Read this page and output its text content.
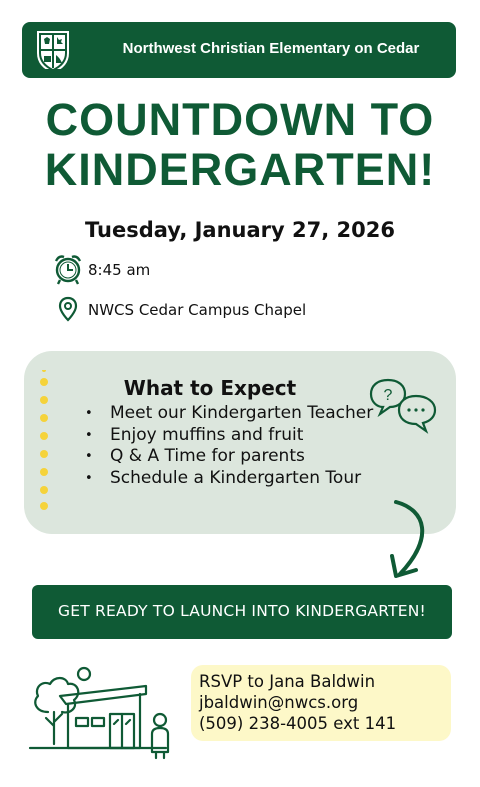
Northwest Christian Elementary on Cedar
COUNTDOWN TO
KINDERGARTEN!
Tuesday, January 27, 2026
8:45 am
NWCS Cedar Campus Chapel
What to Expect
• Meet our Kindergarten Teacher
• Enjoy muffins and fruit
• Q & A Time for parents
• Schedule a Kindergarten Tour
?
GET READY TO LAUNCH INTO KINDERGARTEN!
RSVP to Jana Baldwin
jbaldwin@nwcs.org
(509) 238-4005 ext 141
